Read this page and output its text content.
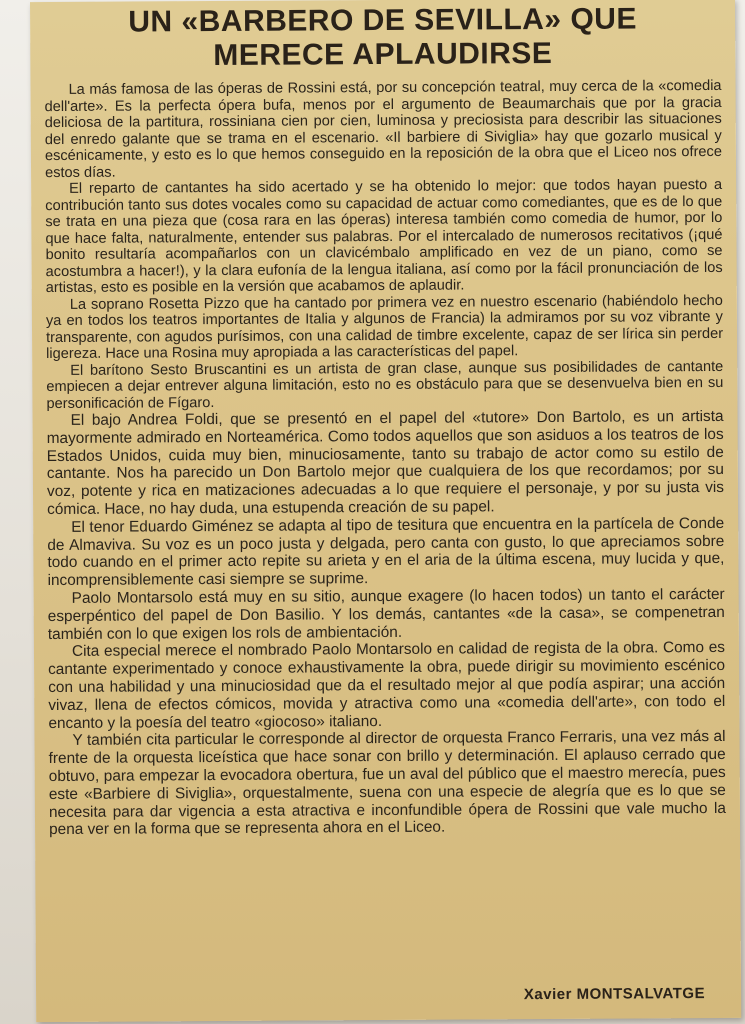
UN «BARBERO DE SEVILLA» QUE
MERECE APLAUDIRSE

La más famosa de las óperas de Rossini está, por su concepción teatral, muy cerca de la «comedia dell'arte». Es la perfecta ópera bufa, menos por el argumento de Beaumarchais que por la gracia deliciosa de la partitura, rossiniana cien por cien, luminosa y preciosista para describir las situaciones del enredo galante que se trama en el escenario. «Il barbiere di Siviglia» hay que gozarlo musical y escénicamente, y esto es lo que hemos conseguido en la reposición de la obra que el Liceo nos ofrece estos días.

El reparto de cantantes ha sido acertado y se ha obtenido lo mejor: que todos hayan puesto a contribución tanto sus dotes vocales como su capacidad de actuar como comediantes, que es de lo que se trata en una pieza que (cosa rara en las óperas) interesa también como comedia de humor, por lo que hace falta, naturalmente, entender sus palabras. Por el intercalado de numerosos recitativos (¡qué bonito resultaría acompañarlos con un clavicémbalo amplificado en vez de un piano, como se acostumbra a hacer!), y la clara eufonía de la lengua italiana, así como por la fácil pronunciación de los artistas, esto es posible en la versión que acabamos de aplaudir.

La soprano Rosetta Pizzo que ha cantado por primera vez en nuestro escenario (habiéndolo hecho ya en todos los teatros importantes de Italia y algunos de Francia) la admiramos por su voz vibrante y transparente, con agudos purísimos, con una calidad de timbre excelente, capaz de ser lírica sin perder ligereza. Hace una Rosina muy apropiada a las características del papel.

El barítono Sesto Bruscantini es un artista de gran clase, aunque sus posibilidades de cantante empiecen a dejar entrever alguna limitación, esto no es obstáculo para que se desenvuelva bien en su personificación de Fígaro.

El bajo Andrea Foldi, que se presentó en el papel del «tutore» Don Bartolo, es un artista mayormente admirado en Norteamérica. Como todos aquellos que son asiduos a los teatros de los Estados Unidos, cuida muy bien, minuciosamente, tanto su trabajo de actor como su estilo de cantante. Nos ha parecido un Don Bartolo mejor que cualquiera de los que recordamos; por su voz, potente y rica en matizaciones adecuadas a lo que requiere el personaje, y por su justa vis cómica. Hace, no hay duda, una estupenda creación de su papel.

El tenor Eduardo Giménez se adapta al tipo de tesitura que encuentra en la partícela de Conde de Almaviva. Su voz es un poco justa y delgada, pero canta con gusto, lo que apreciamos sobre todo cuando en el primer acto repite su arieta y en el aria de la última escena, muy lucida y que, incomprensiblemente casi siempre se suprime.

Paolo Montarsolo está muy en su sitio, aunque exagere (lo hacen todos) un tanto el carácter esperpéntico del papel de Don Basilio. Y los demás, cantantes «de la casa», se compenetran también con lo que exigen los rols de ambientación.

Cita especial merece el nombrado Paolo Montarsolo en calidad de regista de la obra. Como es cantante experimentado y conoce exhaustivamente la obra, puede dirigir su movimiento escénico con una habilidad y una minuciosidad que da el resultado mejor al que podía aspirar; una acción vivaz, llena de efectos cómicos, movida y atractiva como una «comedia dell'arte», con todo el encanto y la poesía del teatro «giocoso» italiano.

Y también cita particular le corresponde al director de orquesta Franco Ferraris, una vez más al frente de la orquesta liceística que hace sonar con brillo y determinación. El aplauso cerrado que obtuvo, para empezar la evocadora obertura, fue un aval del público que el maestro merecía, pues este «Barbiere di Siviglia», orquestalmente, suena con una especie de alegría que es lo que se necesita para dar vigencia a esta atractiva e inconfundible ópera de Rossini que vale mucho la pena ver en la forma que se representa ahora en el Liceo.

Xavier MONTSALVATGE
